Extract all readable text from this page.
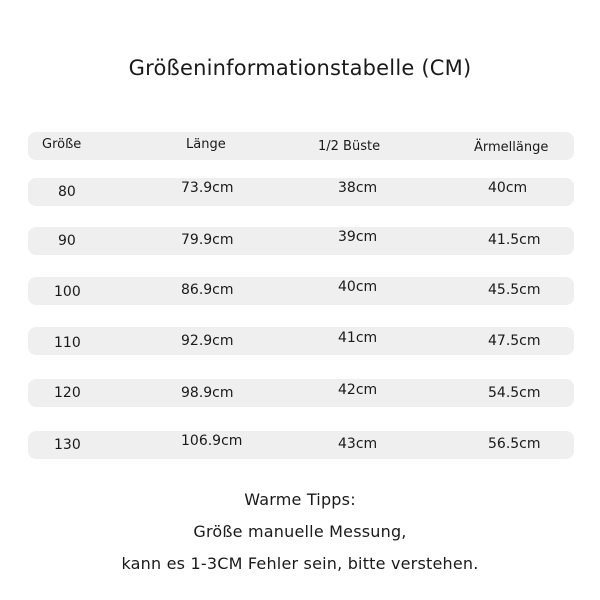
Größeninformationstabelle (CM)
Größe	Länge	1/2 Büste	Ärmellänge
80	73.9cm	38cm	40cm
90	79.9cm	39cm	41.5cm
100	86.9cm	40cm	45.5cm
110	92.9cm	41cm	47.5cm
120	98.9cm	42cm	54.5cm
130	106.9cm	43cm	56.5cm
Warme Tipps:
Größe manuelle Messung,
kann es 1-3CM Fehler sein, bitte verstehen.
